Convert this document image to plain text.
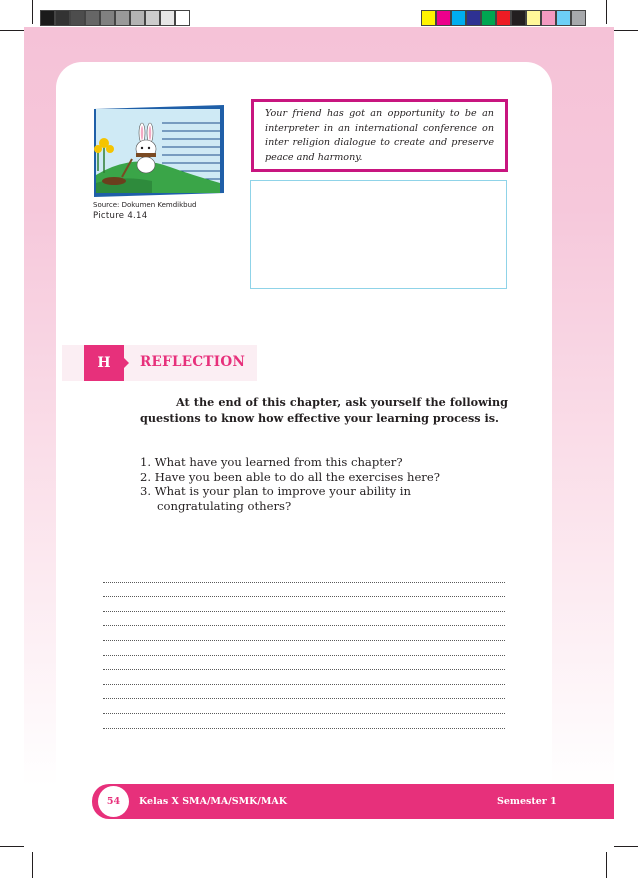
Source: Dokumen Kemdikbud
Picture 4.14

Your friend has got an opportunity to be an interpreter in an international conference on inter religion dialogue to create and preserve peace and harmony.

H REFLECTION

At the end of this chapter, ask yourself the following questions to know how effective your learning process is.

1. What have you learned from this chapter?
2. Have you been able to do all the exercises here?
3. What is your plan to improve your ability in congratulating others?
54 Kelas X SMA/MA/SMK/MAK	Semester 1
